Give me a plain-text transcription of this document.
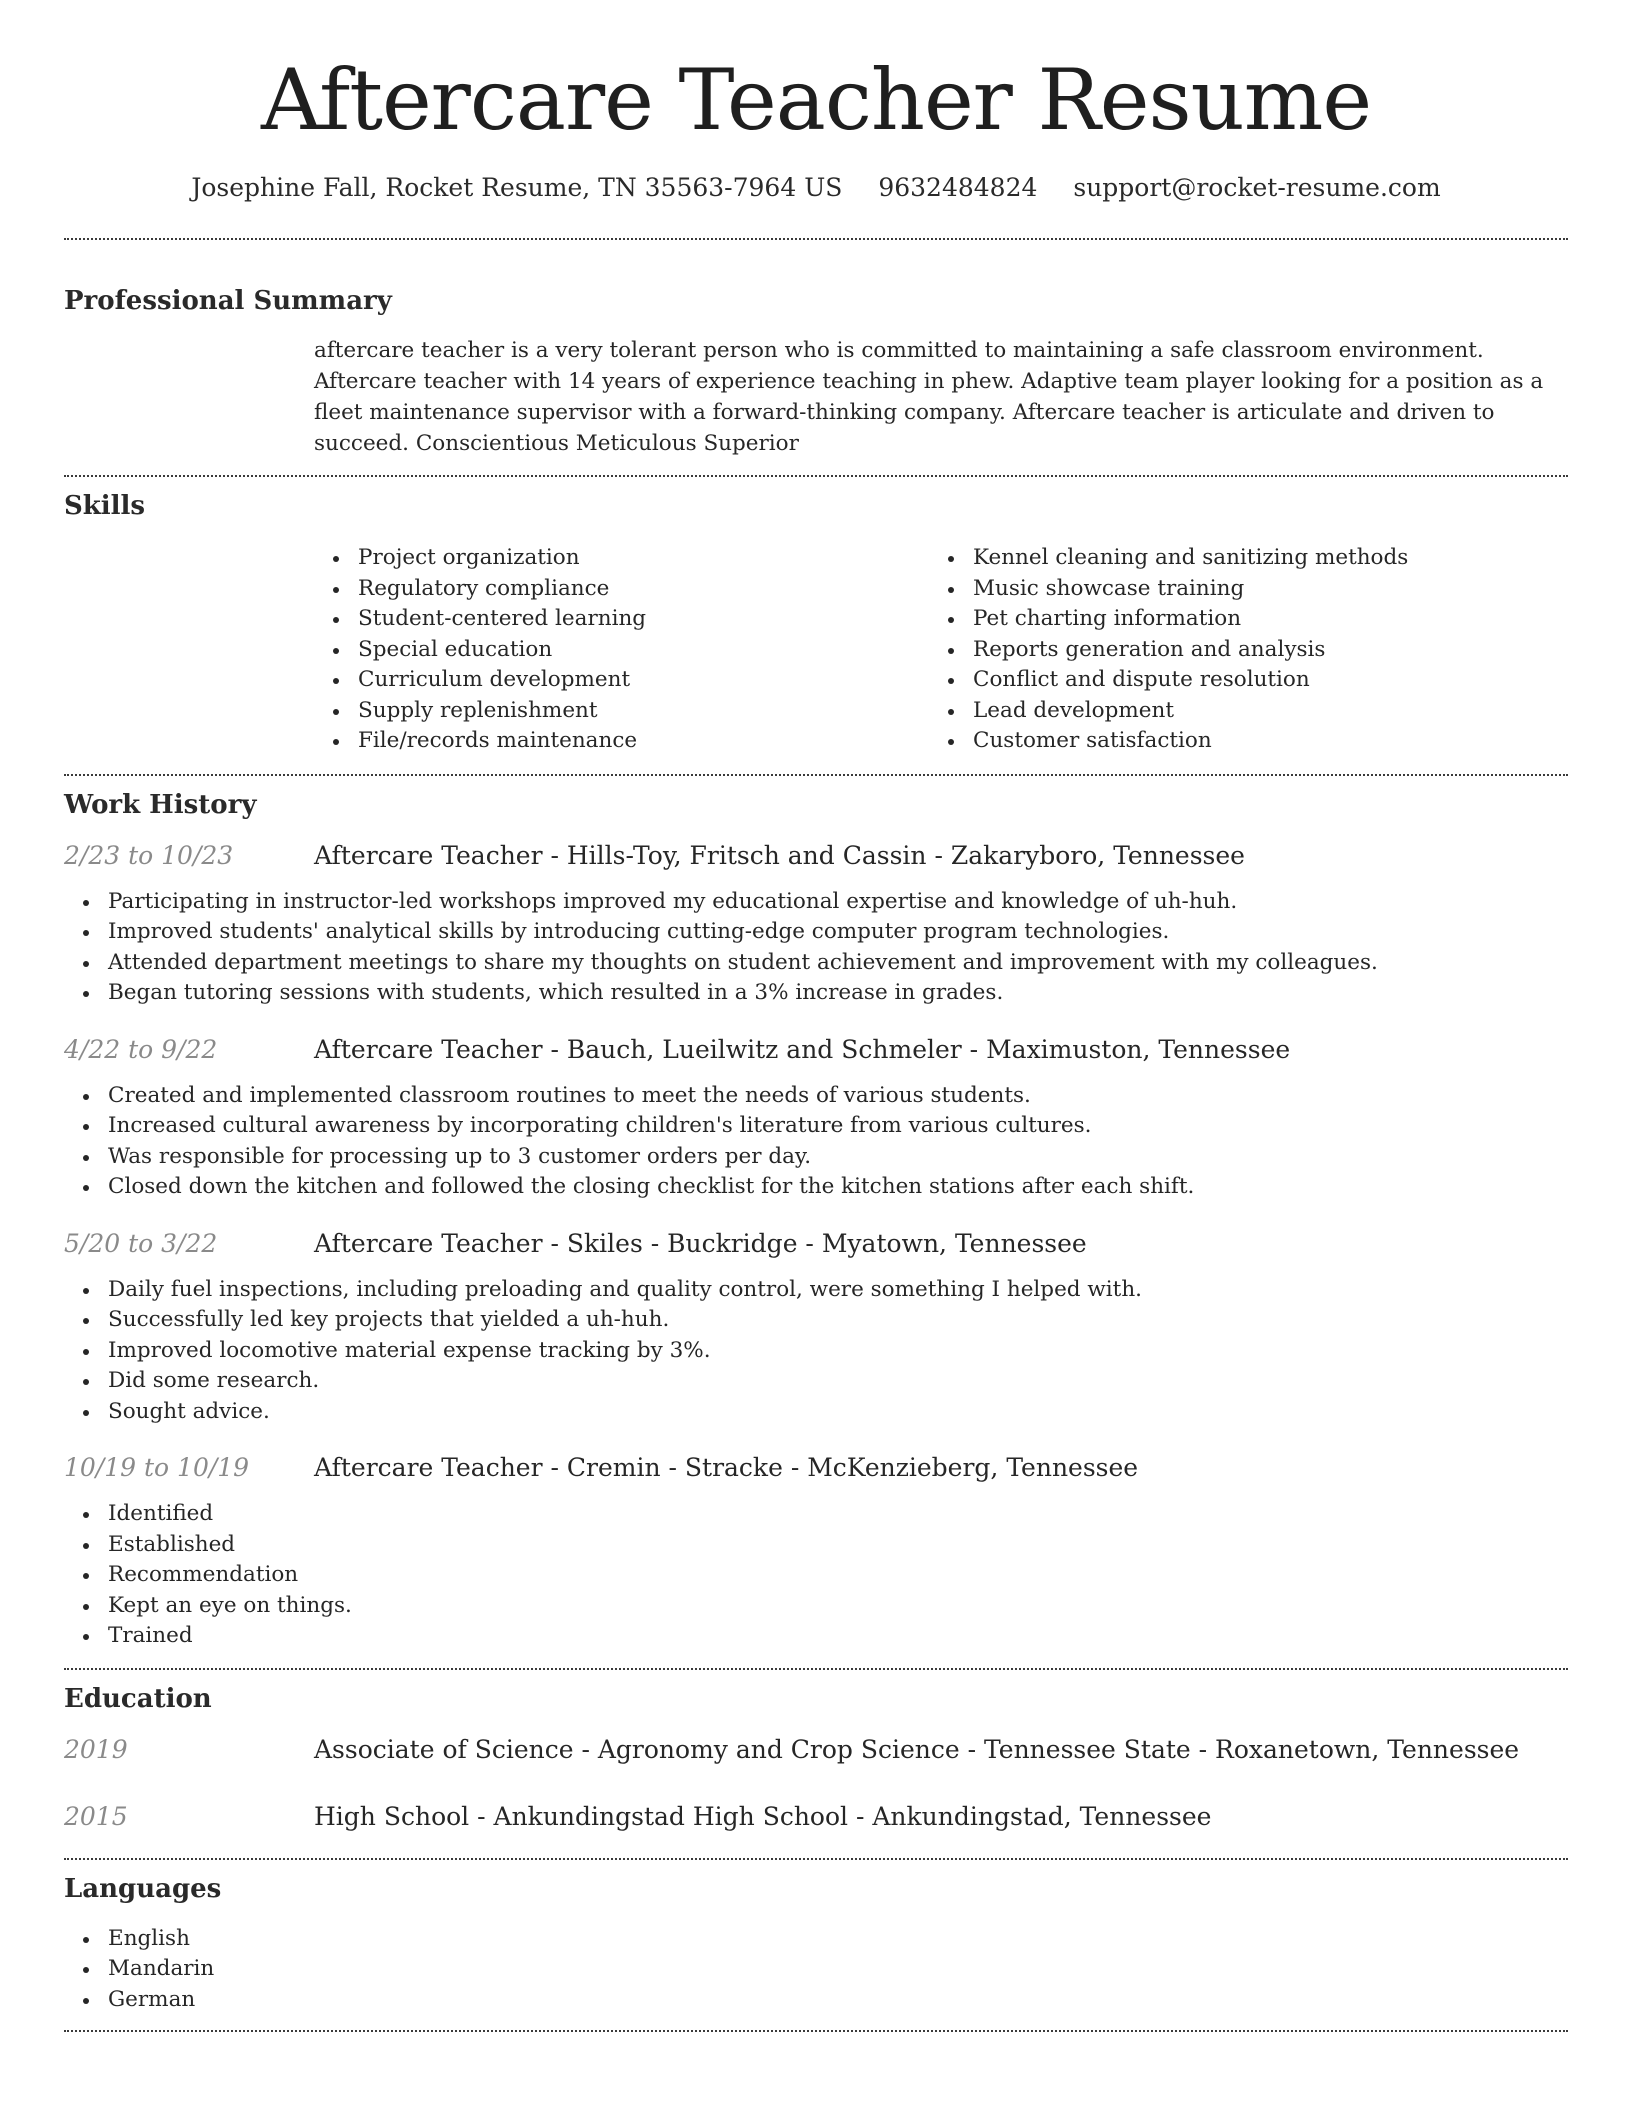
Aftercare Teacher Resume
Josephine Fall, Rocket Resume, TN 35563-7964 US 9632484824 support@rocket-resume.com
Professional Summary

aftercare teacher is a very tolerant person who is committed to maintaining a safe classroom environment. Aftercare teacher with 14 years of experience teaching in phew. Adaptive team player looking for a position as a fleet maintenance supervisor with a forward-thinking company. Aftercare teacher is articulate and driven to succeed. Conscientious Meticulous Superior

Skills
Project organization
Regulatory compliance
Student-centered learning
Special education
Curriculum development
Supply replenishment
File/records maintenance
Kennel cleaning and sanitizing methods
Music showcase training
Pet charting information
Reports generation and analysis
Conflict and dispute resolution
Lead development
Customer satisfaction
Work History
2/23 to 10/23	Aftercare Teacher - Hills-Toy, Fritsch and Cassin - Zakaryboro, Tennessee
Participating in instructor-led workshops improved my educational expertise and knowledge of uh-huh.
Improved students' analytical skills by introducing cutting-edge computer program technologies.
Attended department meetings to share my thoughts on student achievement and improvement with my colleagues.
Began tutoring sessions with students, which resulted in a 3% increase in grades.
4/22 to 9/22	Aftercare Teacher - Bauch, Lueilwitz and Schmeler - Maximuston, Tennessee
Created and implemented classroom routines to meet the needs of various students.
Increased cultural awareness by incorporating children's literature from various cultures.
Was responsible for processing up to 3 customer orders per day.
Closed down the kitchen and followed the closing checklist for the kitchen stations after each shift.
5/20 to 3/22	Aftercare Teacher - Skiles - Buckridge - Myatown, Tennessee
Daily fuel inspections, including preloading and quality control, were something I helped with.
Successfully led key projects that yielded a uh-huh.
Improved locomotive material expense tracking by 3%.
Did some research.
Sought advice.
10/19 to 10/19	Aftercare Teacher - Cremin - Stracke - McKenzieberg, Tennessee
Identified
Established
Recommendation
Kept an eye on things.
Trained
Education
2019	Associate of Science - Agronomy and Crop Science - Tennessee State - Roxanetown, Tennessee
2015	High School - Ankundingstad High School - Ankundingstad, Tennessee
Languages
English
Mandarin
German
